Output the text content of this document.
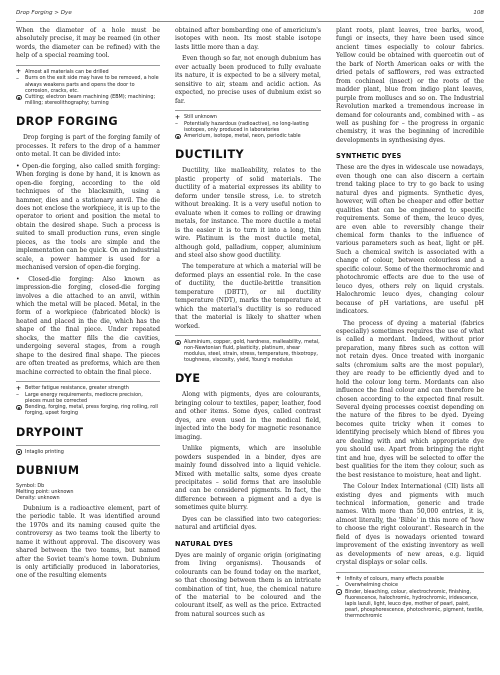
Drop Forging > Dye	108

When the diameter of a hole must be absolutely precise, it may be reamed (in other words, the diameter can be refined) with the help of a special reaming tool.

+ Almost all materials can be drilled
–	Burrs on the exit side may have to be removed, a hole always weakens parts and opens the door to corrosion, cracks, etc.
Cutting; electron beam machining (EBM); machining; milling; stereolithography; turning
DROP FORGING

Drop forging is part of the forging family of processes. It refers to the drop of a hammer onto metal. It can be divided into:

• Open-die forging, also called smith forging: When forging is done by hand, it is known as open-die forging, according to the old techniques of the blacksmith, using a hammer, dies and a stationary anvil. The die does not enclose the workpiece, it is up to the operator to orient and position the metal to obtain the desired shape. Such a process is suited to small production runs, even single pieces, as the tools are simple and the implementation can be quick. On an industrial scale, a power hammer is used for a mechanised version of open-die forging.

• Closed-die forging: Also known as impression-die forging, closed-die forging involves a die attached to an anvil, within which the metal will be placed. Metal, in the form of a workpiece (fabricated block) is heated and placed in the die, which has the shape of the final piece. Under repeated shocks, the matter fills the die cavities, undergoing several stages, from a rough shape to the desired final shape. The pieces are often treated as preforms, which are then machine corrected to obtain the final piece.

+ Better fatigue resistance, greater strength
–	Large energy requirements, mediocre precision, pieces must be corrected
Bending, forging, metal, press forging, ring rolling, roll forging, upset forging
DRYPOINT
Intaglio printing
DUBNIUM
Symbol: Db
Melting point: unknown
Density: unknown

Dubnium is a radioactive element, part of the periodic table. It was identified around the 1970s and its naming caused quite the controversy as two teams took the liberty to name it without approval. The discovery was shared between the two teams, but named after the Soviet team's home town. Dubnium is only artificially produced in laboratories, one of the resulting elements

obtained after bombarding one of americium's isotopes with neon. Its most stable isotope lasts little more than a day.

Even though so far, not enough dubnium has ever actually been produced to fully evaluate its nature, it is expected to be a silvery metal, sensitive to air, steam and acidic action. As expected, no precise uses of dubnium exist so far.

+ Still unknown
–	Potentially hazardous (radioactive), no long-lasting isotopes, only produced in laboratories
Americium, isotope, metal, neon, periodic table
DUCTILITY

Ductility, like malleability, relates to the plastic property of solid materials. The ductility of a material expresses its ability to deform under tensile stress, i.e. to stretch without breaking. It is a very useful notion to evaluate when it comes to rolling or drawing metals, for instance. The more ductile a metal is the easier it is to turn it into a long, thin wire. Platinum is the most ductile metal, although gold, palladium, copper, aluminium and steel also show good ductility.

The temperature at which a material will be deformed plays an essential role. In the case of ductility, the ductile-brittle transition temperature (DBTT), or nil ductility temperature (NDT), marks the temperature at which the material's ductility is so reduced that the material is likely to shatter when worked.

Aluminium, copper, gold, hardness, malleability, metal, non-Newtonian fluid, plasticity, platinum, shear modulus, steel, strain, stress, temperature, thixotropy, toughness, viscosity, yield, Young's modulus
DYE

Along with pigments, dyes are colourants, bringing colour to textiles, paper, leather, food and other items. Some dyes, called contrast dyes, are even used in the medical field, injected into the body for magnetic resonance imaging.

Unlike pigments, which are insoluble powders suspended in a binder, dyes are mainly found dissolved into a liquid vehicle. Mixed with metallic salts, some dyes create precipitates – solid forms that are insoluble and can be considered pigments. In fact, the difference between a pigment and a dye is sometimes quite blurry.

Dyes can be classified into two categories: natural and artificial dyes.

NATURAL DYES

Dyes are mainly of organic origin (originating from living organisms). Thousands of colourants can be found today on the market, so that choosing between them is an intricate combination of tint, hue, the chemical nature of the material to be coloured and the colourant itself, as well as the price. Extracted from natural sources such as

plant roots, plant leaves, tree barks, wood, fungi or insects, they have been used since ancient times especially to colour fabrics. Yellow could be obtained with quercetin out of the bark of North American oaks or with the dried petals of safflowers, red was extracted from cochineal (insect) or the roots of the madder plant, blue from indigo plant leaves, purple from molluscs and so on. The Industrial Revolution marked a tremendous increase in demand for colourants and, combined with – as well as pushing for – the progress in organic chemistry, it was the beginning of incredible developments in synthesising dyes.

SYNTHETIC DYES

These are the dyes in widescale use nowadays, even though one can also discern a certain trend taking place to try to go back to using natural dyes and pigments. Synthetic dyes, however, will often be cheaper and offer better qualities that can be engineered to specific requirements. Some of them, the leuco dyes, are even able to reversibly change their chemical form thanks to the influence of various parameters such as heat, light or pH. Such a chemical switch is associated with a change of colour, between colourless and a specific colour. Some of the thermochromic and photochromic effects are due to the use of leuco dyes, others rely on liquid crystals. Halochromic leuco dyes, changing colour because of pH variations, are useful pH indicators.

The process of dyeing a material (fabrics especially) sometimes requires the use of what is called a mordant. Indeed, without prior preparation, many fibres such as cotton will not retain dyes. Once treated with inorganic salts (chromium salts are the most popular), they are ready to be efficiently dyed and to hold the colour long term. Mordants can also influence the final colour and can therefore be chosen according to the expected final result. Several dyeing processes coexist depending on the nature of the fibres to be dyed. Dyeing becomes quite tricky when it comes to identifying precisely which blend of fibres you are dealing with and which appropriate dye you should use. Apart from bringing the right tint and hue, dyes will be selected to offer the best qualities for the item they colour, such as the best resistance to moisture, heat and light.

The Colour Index International (CII) lists all existing dyes and pigments with much technical information, generic and trade names. With more than 50,000 entries, it is, almost literally, the 'Bible' in this more of 'how to choose the right colourant'. Research in the field of dyes is nowadays oriented toward improvement of the existing inventory as well as developments of new areas, e.g. liquid crystal displays or solar cells.

+ Infinity of colours, many effects possible
–	Overwhelming choice
Binder, bleaching, colour, electrochromic, finishing, fluorescence, halochromic, hydrochromic, iridescence, lapis lazuli, light, leuco dye, mother of pearl, paint, pearl, phosphorescence, photochromic, pigment, textile, thermochromic
